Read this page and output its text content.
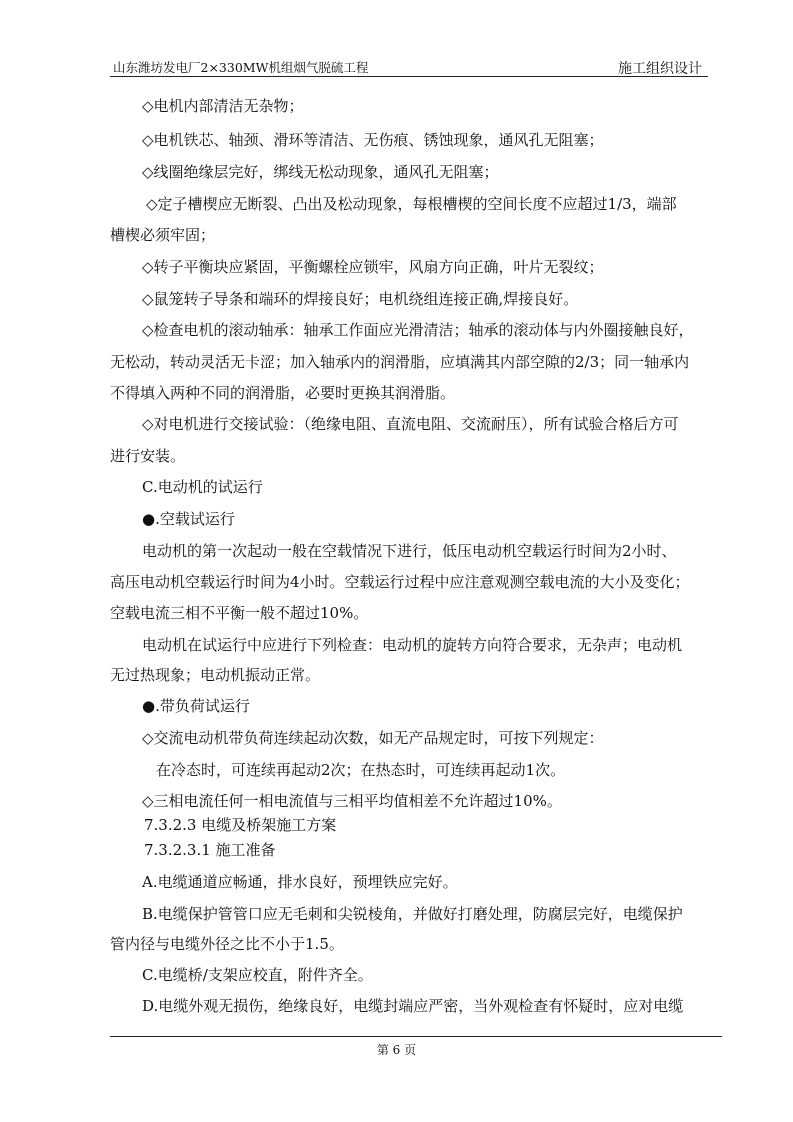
山东潍坊发电厂2×330MW机组烟气脱硫工程	施工组织设计
◇电机内部清洁无杂物；
◇电机铁芯、轴颈、滑环等清洁、无伤痕、锈蚀现象，通风孔无阻塞；
◇线圈绝缘层完好，绑线无松动现象，通风孔无阻塞；
◇定子槽楔应无断裂、凸出及松动现象，每根槽楔的空间长度不应超过1/3，端部
槽楔必须牢固；
◇转子平衡块应紧固，平衡螺栓应锁牢，风扇方向正确，叶片无裂纹；
◇鼠笼转子导条和端环的焊接良好；电机绕组连接正确,焊接良好。
◇检查电机的滚动轴承：轴承工作面应光滑清洁；轴承的滚动体与内外圈接触良好，
无松动，转动灵活无卡涩；加入轴承内的润滑脂，应填满其内部空隙的2/3；同一轴承内
不得填入两种不同的润滑脂，必要时更换其润滑脂。
◇对电机进行交接试验：（绝缘电阻、直流电阻、交流耐压），所有试验合格后方可
进行安装。
C.电动机的试运行
●.空载试运行
电动机的第一次起动一般在空载情况下进行，低压电动机空载运行时间为2小时、
高压电动机空载运行时间为4小时。空载运行过程中应注意观测空载电流的大小及变化；
空载电流三相不平衡一般不超过10%。
电动机在试运行中应进行下列检查：电动机的旋转方向符合要求，无杂声；电动机
无过热现象；电动机振动正常。
●.带负荷试运行
◇交流电动机带负荷连续起动次数，如无产品规定时，可按下列规定：
在冷态时，可连续再起动2次；在热态时，可连续再起动1次。
◇三相电流任何一相电流值与三相平均值相差不允许超过10%。
7.3.2.3 电缆及桥架施工方案
7.3.2.3.1 施工准备
A.电缆通道应畅通，排水良好，预埋铁应完好。
B.电缆保护管管口应无毛刺和尖锐棱角，并做好打磨处理，防腐层完好，电缆保护
管内径与电缆外径之比不小于1.5。
C.电缆桥/支架应校直，附件齐全。
D.电缆外观无损伤，绝缘良好，电缆封端应严密，当外观检查有怀疑时，应对电缆
第 6 页
